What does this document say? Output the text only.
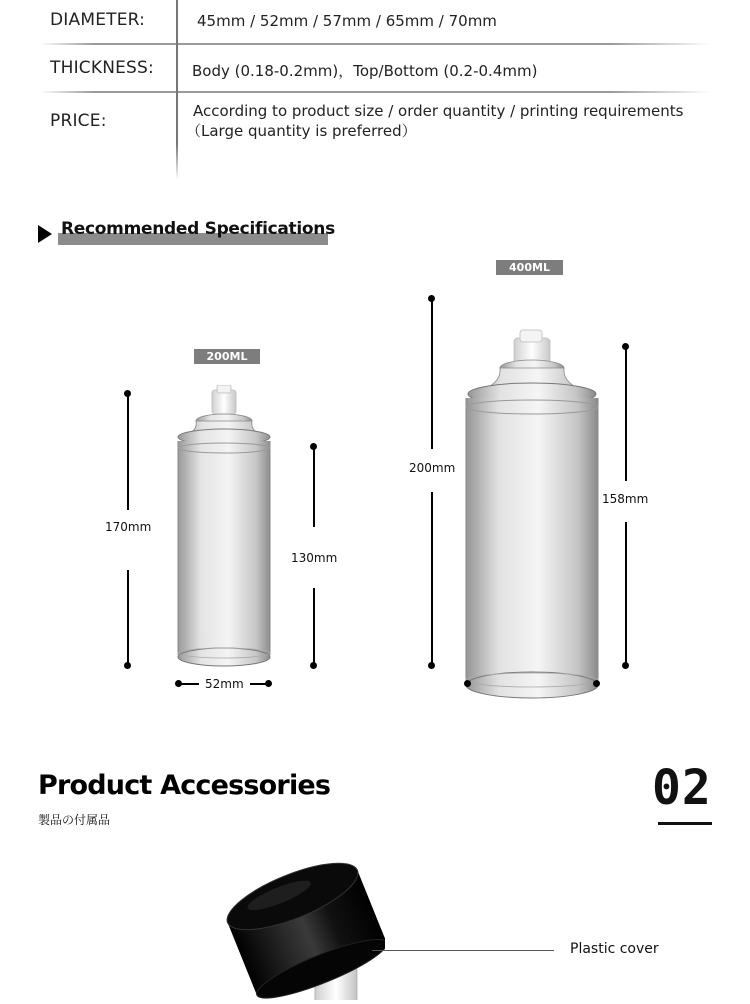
DIAMETER:	45mm / 52mm / 57mm / 65mm / 70mm
THICKNESS:	Body (0.18-0.2mm)，Top/Bottom (0.2-0.4mm)
PRICE:	According to product size / order quantity / printing requirements
（Large quantity is preferred）
Recommended Specifications
200ML
170mm
130mm
52mm
400ML
200mm
158mm
Product Accessories
製品の付属品
02
Plastic cover
